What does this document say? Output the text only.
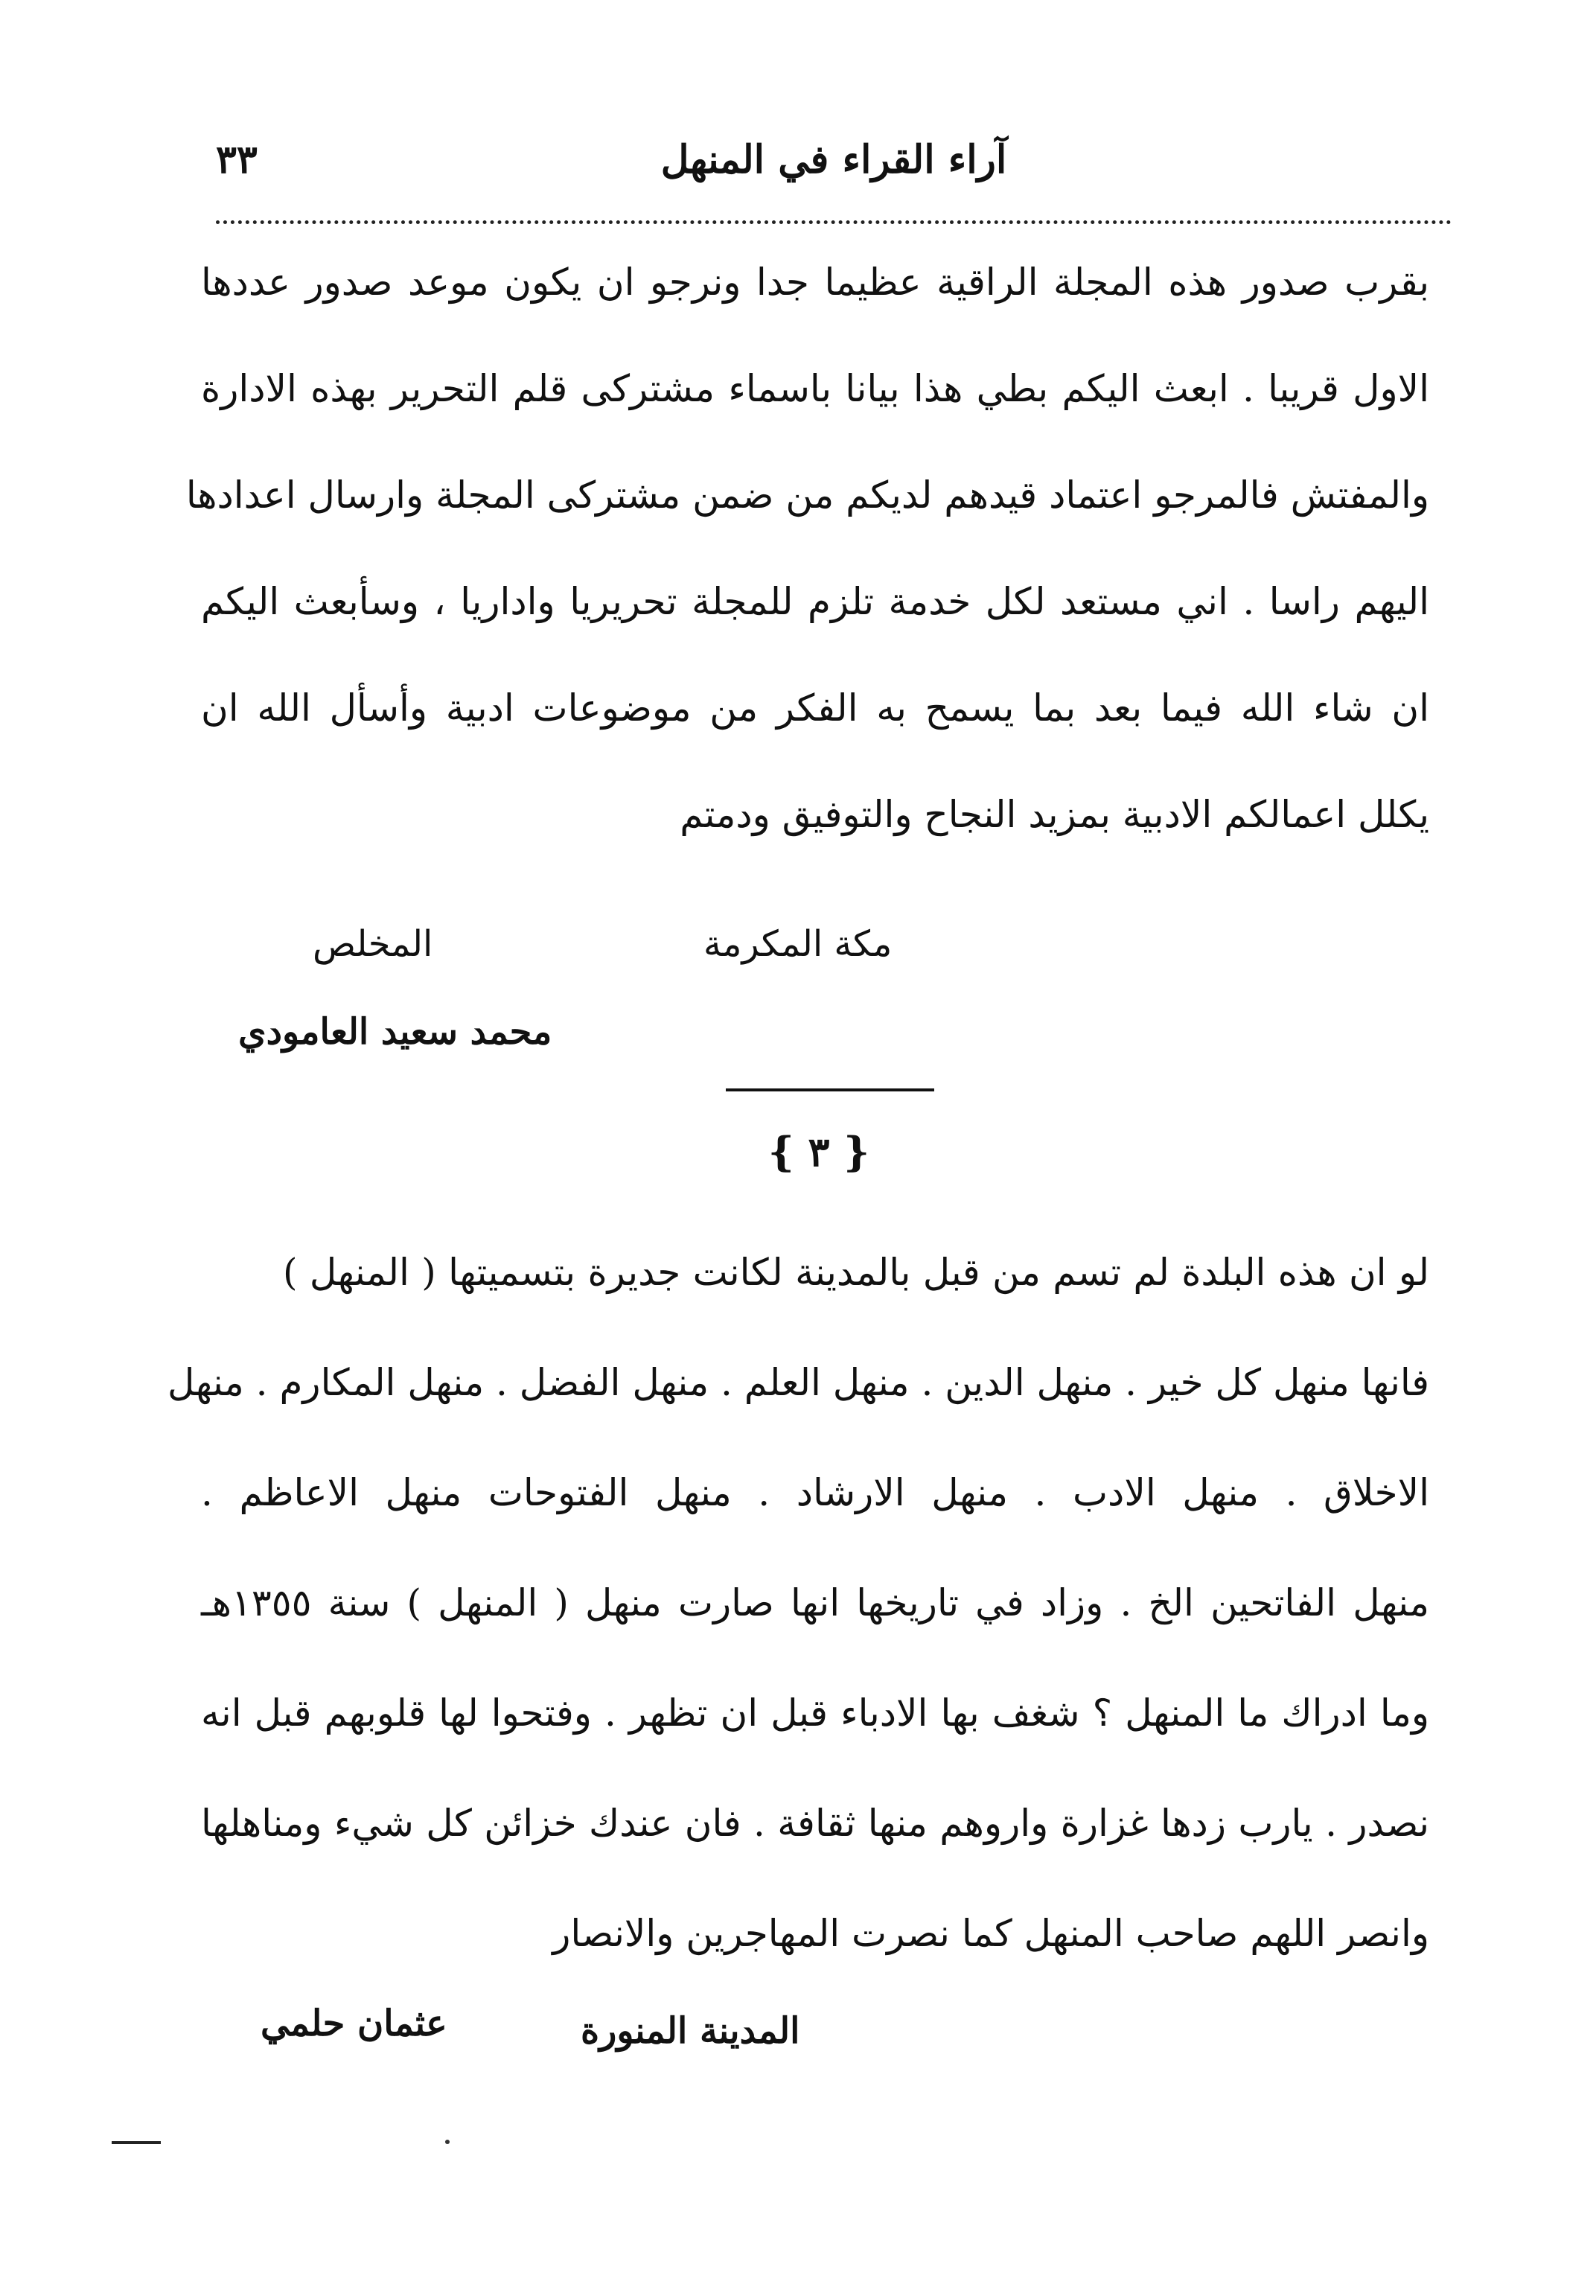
آراء القراء في المنهل
٣٣
بقرب صدور هذه المجلة الراقية عظيما جدا ونرجو ان يكون موعد صدور عددها
الاول قريبا . ابعث اليكم بطي هذا بيانا باسماء مشترکی قلم التحرير بهذه الادارة
والمفتش فالمرجو اعتماد قيدهم لديكم من ضمن مشترکی المجلة وارسال اعدادها
اليهم راسا . اني مستعد لكل خدمة تلزم للمجلة تحريريا واداريا ، وسأبعث اليكم
ان شاء الله فيما بعد بما يسمح به الفكر من موضوعات ادبية وأسأل الله ان
يكلل اعمالكم الادبية بمزيد النجاح والتوفيق ودمتم
مكة المكرمة
المخلص
محمد سعيد العامودي
{ ٣ }
لو ان هذه البلدة لم تسم من قبل بالمدينة لكانت جديرة بتسميتها ( المنهل )
فانها منهل كل خير . منهل الدين . منهل العلم . منهل الفضل . منهل المكارم . منهل
الاخلاق . منهل الادب . منهل الارشاد . منهل الفتوحات منهل الاعاظم .
منهل الفاتحين الخ . وزاد في تاريخها انها صارت منهل ( المنهل ) سنة ١٣٥٥هـ
وما ادراك ما المنهل ؟ شغف بها الادباء قبل ان تظهر . وفتحوا لها قلوبهم قبل انه
نصدر . يارب زدها غزارة واروهم منها ثقافة . فان عندك خزائن كل شيء ومناهلها
وانصر اللهم صاحب المنهل كما نصرت المهاجرين والانصار
المدينة المنورة
عثمان حلمي
